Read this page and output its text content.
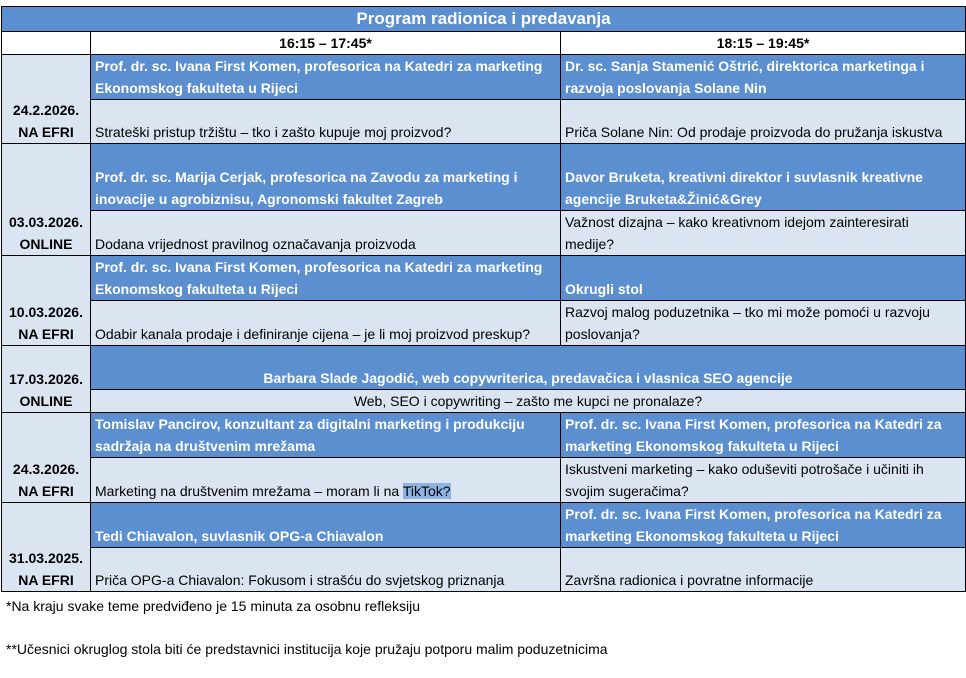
Program radionica i predavanja		
	16:15 – 17:45*	18:15 – 19:45*

24.2.2026.
NA EFRI	Prof. dr. sc. Ivana First Komen, profesorica na Katedri za marketing Ekonomskog fakulteta u Rijeci	Dr. sc. Sanja Stamenić Oštrić, direktorica marketinga i razvoja poslovanja Solane Nin
	Strateški pristup tržištu – tko i zašto kupuje moj proizvod?	Priča Solane Nin: Od prodaje proizvoda do pružanja iskustva

03.03.2026.
ONLINE	Prof. dr. sc. Marija Cerjak, profesorica na Zavodu za marketing i inovacije u agrobiznisu, Agronomski fakultet Zagreb	Davor Bruketa, kreativni direktor i suvlasnik kreativne agencije Bruketa&Žinić&Grey
	Dodana vrijednost pravilnog označavanja proizvoda	Važnost dizajna – kako kreativnom idejom zainteresirati medije?

10.03.2026.
NA EFRI	Prof. dr. sc. Ivana First Komen, profesorica na Katedri za marketing Ekonomskog fakulteta u Rijeci	Okrugli stol
	Odabir kanala prodaje i definiranje cijena – je li moj proizvod preskup?	Razvoj malog poduzetnika – tko mi može pomoći u razvoju poslovanja?

17.03.2026.
ONLINE	Barbara Slade Jagodić, web copywriterica, predavačica i vlasnica SEO agencije	
	Web, SEO i copywriting – zašto me kupci ne pronalaze?	

24.3.2026.
NA EFRI	Tomislav Pancirov, konzultant za digitalni marketing i produkciju sadržaja na društvenim mrežama	Prof. dr. sc. Ivana First Komen, profesorica na Katedri za marketing Ekonomskog fakulteta u Rijeci
	Marketing na društvenim mrežama – moram li na TikTok?	Iskustveni marketing – kako oduševiti potrošače i učiniti ih svojim sugeračima?

31.03.2025.
NA EFRI	Tedi Chiavalon, suvlasnik OPG-a Chiavalon	Prof. dr. sc. Ivana First Komen, profesorica na Katedri za marketing Ekonomskog fakulteta u Rijeci
	Priča OPG-a Chiavalon: Fokusom i strašću do svjetskog priznanja	Završna radionica i povratne informacije
*Na kraju svake teme predviđeno je 15 minuta za osobnu refleksiju
**Učesnici okruglog stola biti će predstavnici institucija koje pružaju potporu malim poduzetnicima
